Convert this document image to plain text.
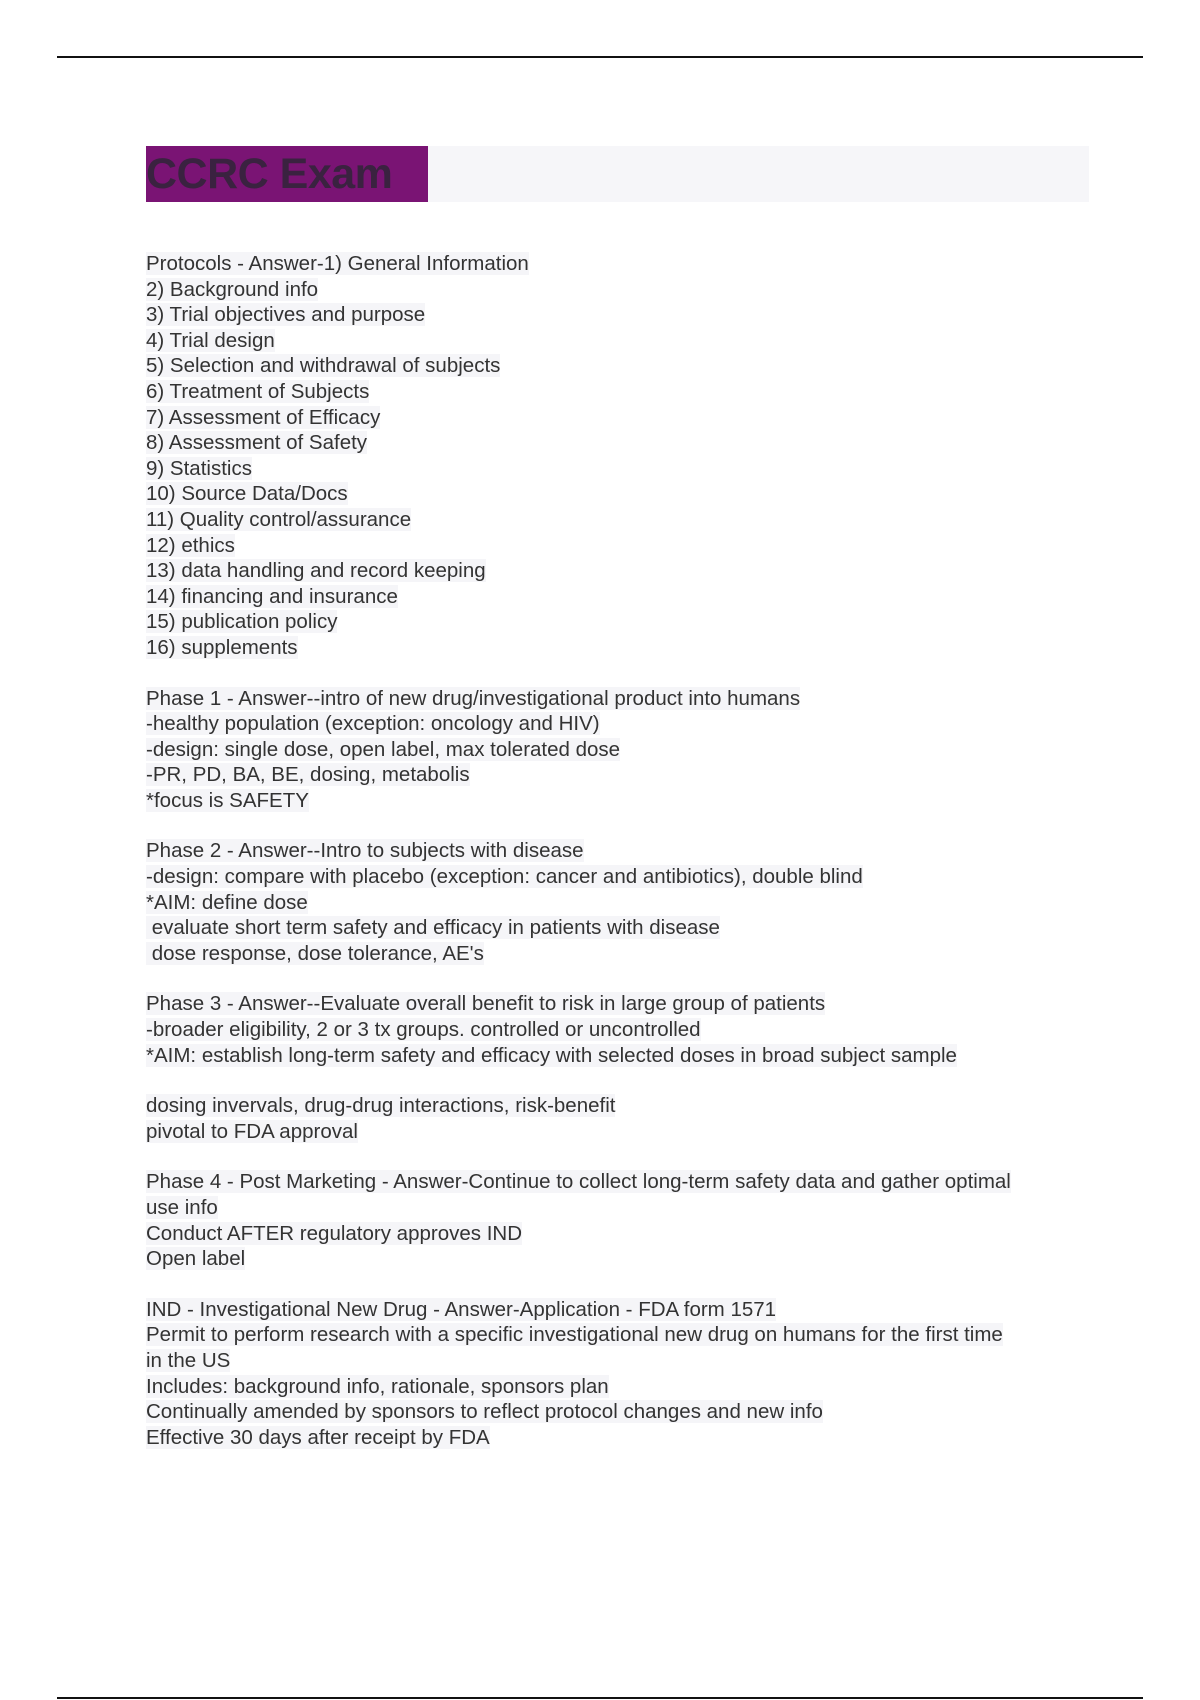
CCRC Exam
Protocols - Answer-1) General Information
2) Background info
3) Trial objectives and purpose
4) Trial design
5) Selection and withdrawal of subjects
6) Treatment of Subjects
7) Assessment of Efficacy
8) Assessment of Safety
9) Statistics
10) Source Data/Docs
11) Quality control/assurance
12) ethics
13) data handling and record keeping
14) financing and insurance
15) publication policy
16) supplements
Phase 1 - Answer--intro of new drug/investigational product into humans
-healthy population (exception: oncology and HIV)
-design: single dose, open label, max tolerated dose
-PR, PD, BA, BE, dosing, metabolis
*focus is SAFETY
Phase 2 - Answer--Intro to subjects with disease
-design: compare with placebo (exception: cancer and antibiotics), double blind
*AIM: define dose
evaluate short term safety and efficacy in patients with disease
dose response, dose tolerance, AE's
Phase 3 - Answer--Evaluate overall benefit to risk in large group of patients
-broader eligibility, 2 or 3 tx groups. controlled or uncontrolled
*AIM: establish long-term safety and efficacy with selected doses in broad subject sample
dosing invervals, drug-drug interactions, risk-benefit
pivotal to FDA approval
Phase 4 - Post Marketing - Answer-Continue to collect long-term safety data and gather optimal
use info
Conduct AFTER regulatory approves IND
Open label
IND - Investigational New Drug - Answer-Application - FDA form 1571
Permit to perform research with a specific investigational new drug on humans for the first time
in the US
Includes: background info, rationale, sponsors plan
Continually amended by sponsors to reflect protocol changes and new info
Effective 30 days after receipt by FDA
